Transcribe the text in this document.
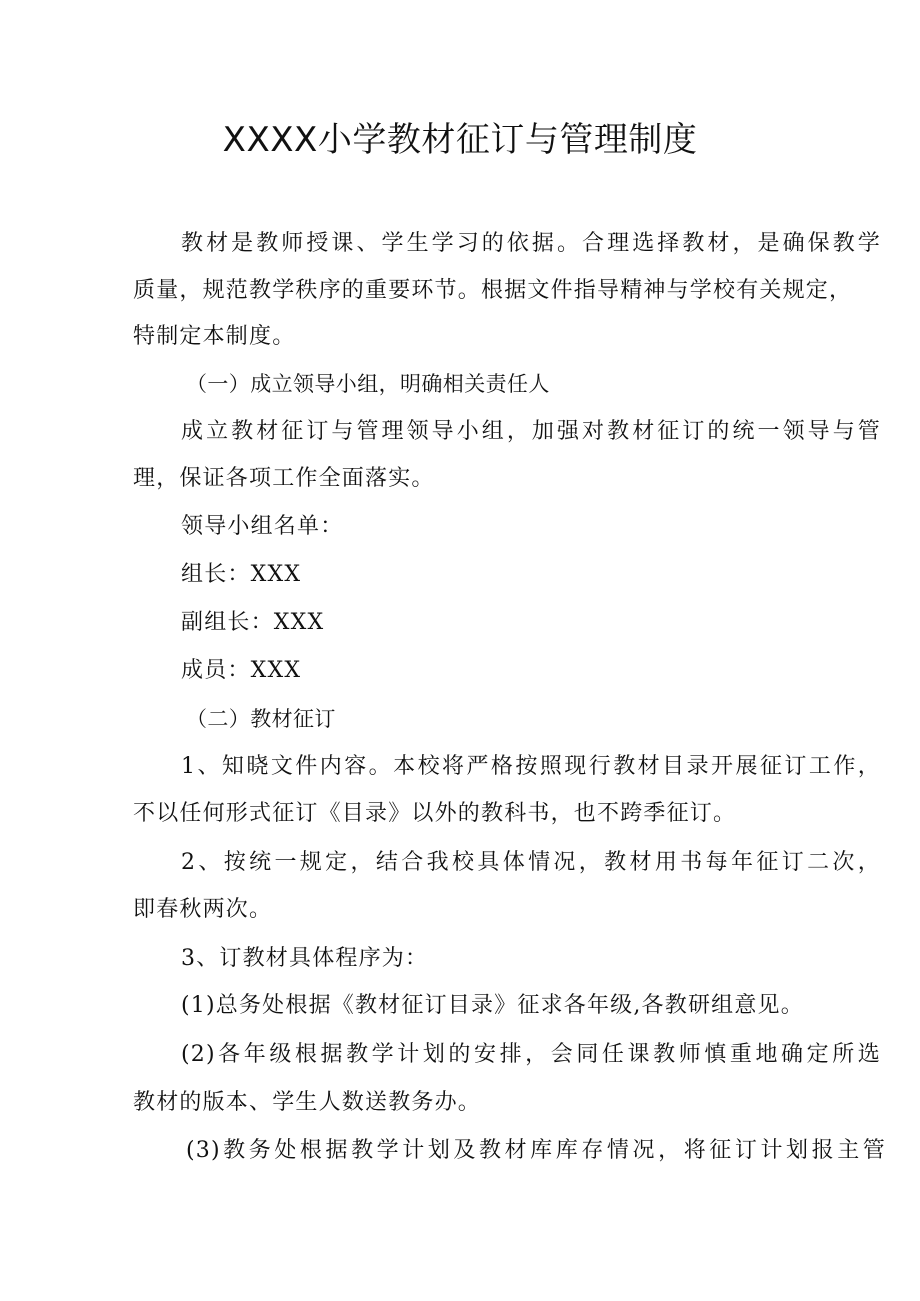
XXXX小学教材征订与管理制度

教材是教师授课、学生学习的依据。合理选择教材，是确保教学

质量，规范教学秩序的重要环节。根据文件指导精神与学校有关规定，

特制定本制度。

（一）成立领导小组，明确相关责任人

成立教材征订与管理领导小组，加强对教材征订的统一领导与管

理，保证各项工作全面落实。

领导小组名单：

组长：XXX

副组长：XXX

成员：XXX

（二）教材征订

1、知晓文件内容。本校将严格按照现行教材目录开展征订工作，

不以任何形式征订《目录》以外的教科书，也不跨季征订。

2、按统一规定，结合我校具体情况，教材用书每年征订二次，

即春秋两次。

3、订教材具体程序为：

(1)总务处根据《教材征订目录》征求各年级,各教研组意见。

(2)各年级根据教学计划的安排，会同任课教师慎重地确定所选

教材的版本、学生人数送教务办。

(3)教务处根据教学计划及教材库库存情况，将征订计划报主管
